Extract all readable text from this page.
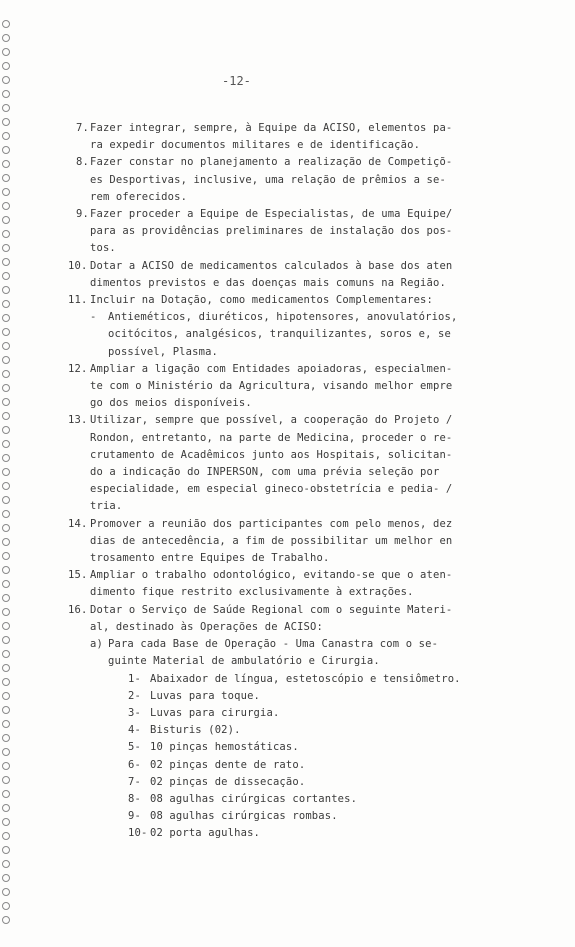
-12-
7. Fazer integrar, sempre, à Equipe da ACISO, elementos pa-
ra expedir documentos militares e de identificação.
8. Fazer constar no planejamento a realização de Competiçõ-
es Desportivas, inclusive, uma relação de prêmios a se-
rem oferecidos.
9. Fazer proceder a Equipe de Especialistas, de uma Equipe/
para as providências preliminares de instalação dos pos-
tos.
10. Dotar a ACISO de medicamentos calculados à base dos aten
dimentos previstos e das doenças mais comuns na Região.
11. Incluir na Dotação, como medicamentos Complementares:
- Antieméticos, diuréticos, hipotensores, anovulatórios,
ocitócitos, analgésicos, tranquilizantes, soros e, se
possível, Plasma.
12. Ampliar a ligação com Entidades apoiadoras, especialmen-
te com o Ministério da Agricultura, visando melhor empre
go dos meios disponíveis.
13. Utilizar, sempre que possível, a cooperação do Projeto /
Rondon, entretanto, na parte de Medicina, proceder o re-
crutamento de Acadêmicos junto aos Hospitais, solicitan-
do a indicação do INPERSON, com uma prévia seleção por
especialidade, em especial gineco-obstetrícia e pedia- /
tria.
14. Promover a reunião dos participantes com pelo menos, dez
dias de antecedência, a fim de possibilitar um melhor en
trosamento entre Equipes de Trabalho.
15. Ampliar o trabalho odontológico, evitando-se que o aten-
dimento fique restrito exclusivamente à extrações.
16. Dotar o Serviço de Saúde Regional com o seguinte Materi-
al, destinado às Operações de ACISO:
a) Para cada Base de Operação - Uma Canastra com o se-
guinte Material de ambulatório e Cirurgia.
1- Abaixador de língua, estetoscópio e tensiômetro.
2- Luvas para toque.
3- Luvas para cirurgia.
4- Bisturis (02).
5- 10 pinças hemostáticas.
6- 02 pinças dente de rato.
7- 02 pinças de dissecação.
8- 08 agulhas cirúrgicas cortantes.
9- 08 agulhas cirúrgicas rombas.
10- 02 porta agulhas.
